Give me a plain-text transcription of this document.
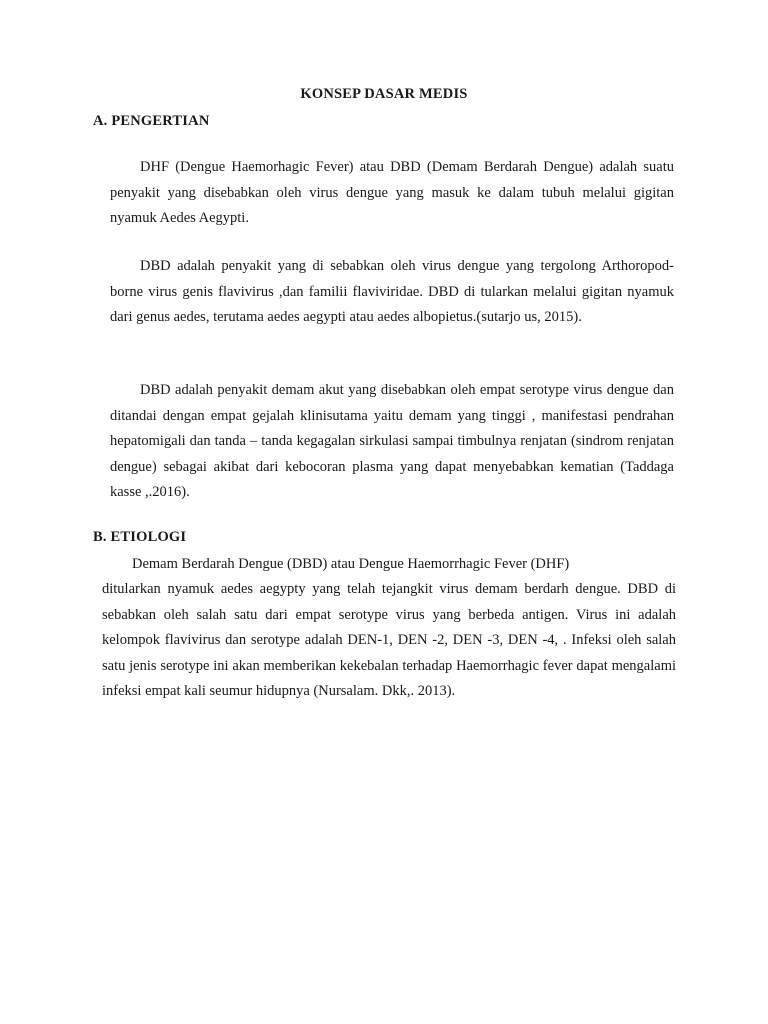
KONSEP DASAR MEDIS
A. PENGERTIAN

DHF (Dengue Haemorhagic Fever) atau DBD (Demam Berdarah Dengue) adalah suatu penyakit yang disebabkan oleh virus dengue yang masuk ke dalam tubuh melalui gigitan nyamuk Aedes Aegypti.

DBD adalah penyakit yang di sebabkan oleh virus dengue yang tergolong Arthoropod-borne virus genis flavivirus ,dan familii flaviviridae. DBD di tularkan melalui gigitan nyamuk dari genus aedes, terutama aedes aegypti atau aedes albopietus.(sutarjo us, 2015).

DBD adalah penyakit demam akut yang disebabkan oleh empat serotype virus dengue dan ditandai dengan empat gejalah klinisutama yaitu demam yang tinggi , manifestasi pendrahan hepatomigali dan tanda – tanda kegagalan sirkulasi sampai timbulnya renjatan (sindrom renjatan dengue) sebagai akibat dari kebocoran plasma yang dapat menyebabkan kematian (Taddaga kasse ,.2016).

B. ETIOLOGI

Demam Berdarah Dengue (DBD) atau Dengue Haemorrhagic Fever (DHF)

ditularkan nyamuk aedes aegypty yang telah tejangkit virus demam berdarh dengue. DBD di sebabkan oleh salah satu dari empat serotype virus yang berbeda antigen. Virus ini adalah kelompok flavivirus dan serotype adalah DEN-1, DEN -2, DEN -3, DEN -4, . Infeksi oleh salah satu jenis serotype ini akan memberikan kekebalan terhadap Haemorrhagic fever dapat mengalami infeksi empat kali seumur hidupnya (Nursalam. Dkk,. 2013).
